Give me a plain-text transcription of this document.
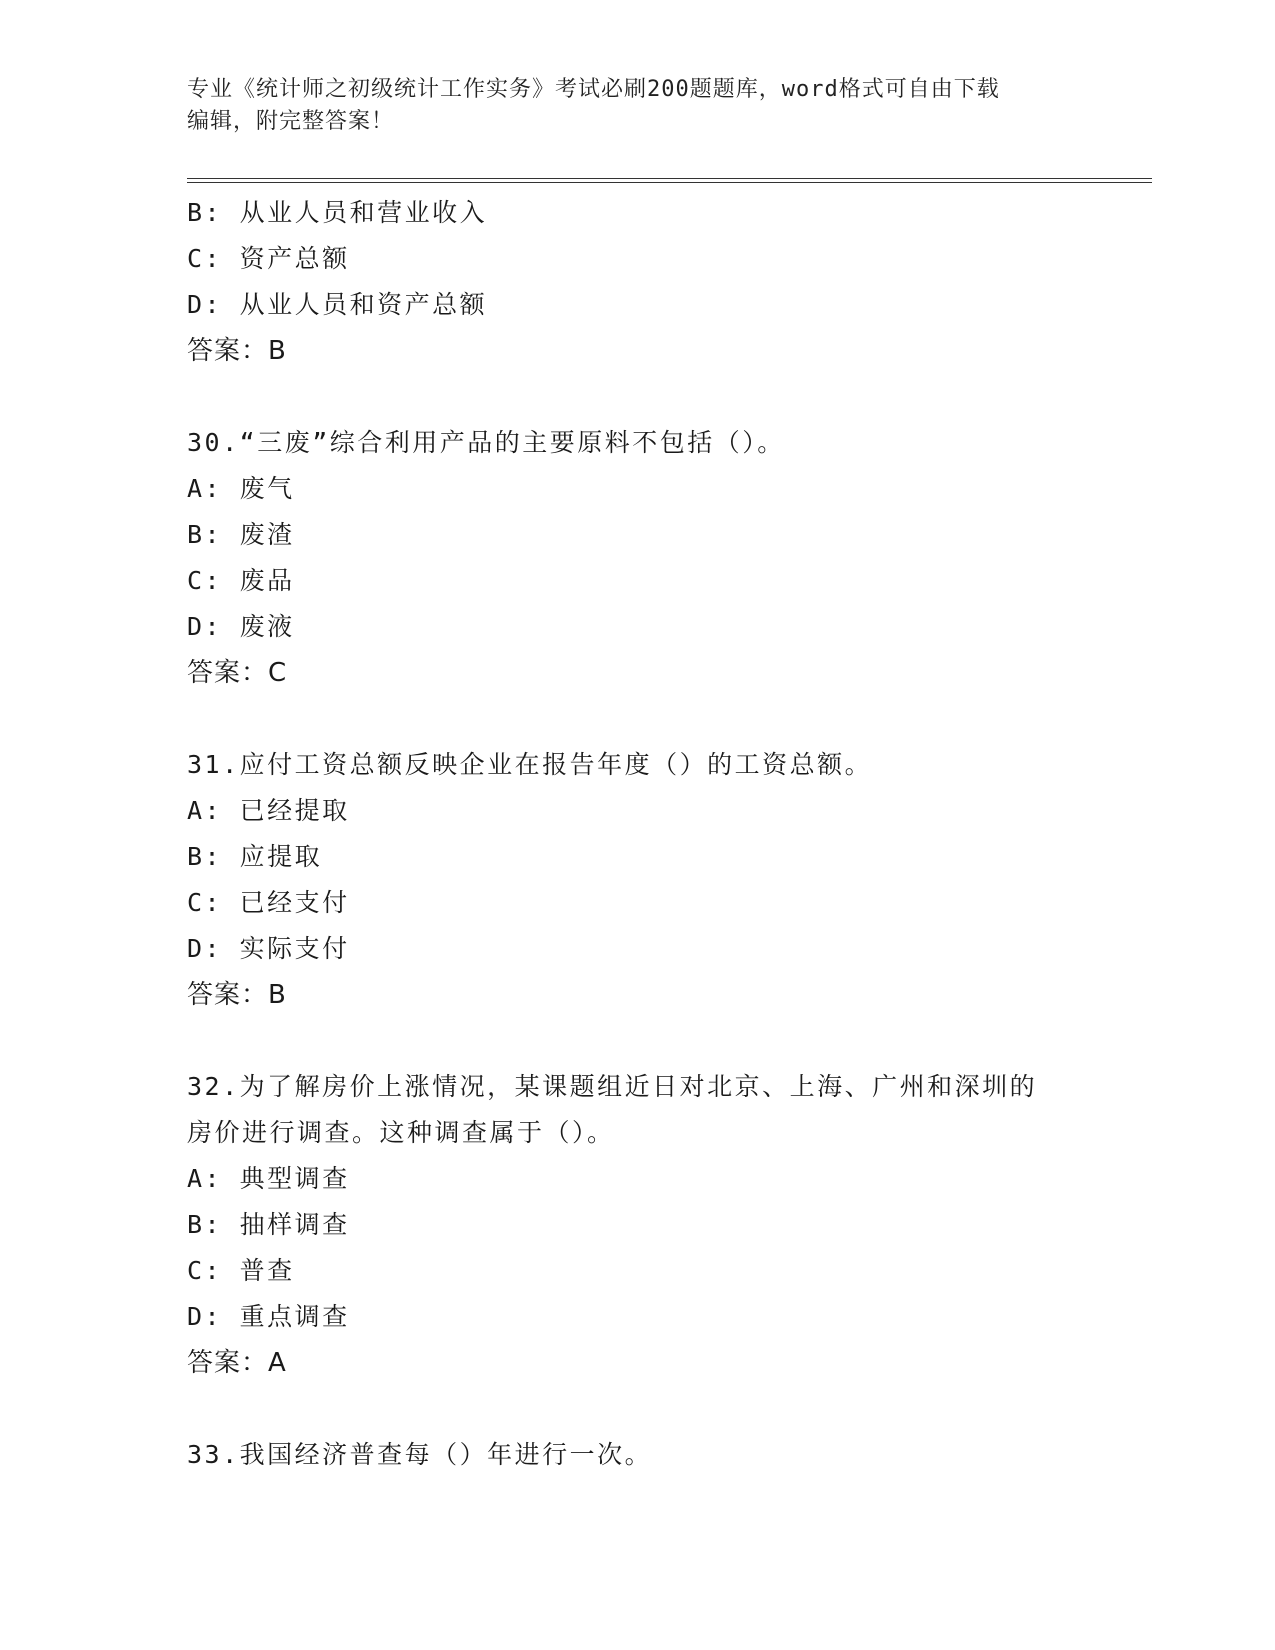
专业《统计师之初级统计工作实务》考试必刷200题题库，word格式可自由下载
编辑，附完整答案！
B: 从业人员和营业收入
C: 资产总额
D: 从业人员和资产总额
答案：B
30.“三废”综合利用产品的主要原料不包括（）。
A: 废气
B: 废渣
C: 废品
D: 废液
答案：C
31.应付工资总额反映企业在报告年度（）的工资总额。
A: 已经提取
B: 应提取
C: 已经支付
D: 实际支付
答案：B
32.为了解房价上涨情况，某课题组近日对北京、上海、广州和深圳的
房价进行调查。这种调查属于（）。
A: 典型调查
B: 抽样调查
C: 普查
D: 重点调查
答案：A
33.我国经济普查每（）年进行一次。
